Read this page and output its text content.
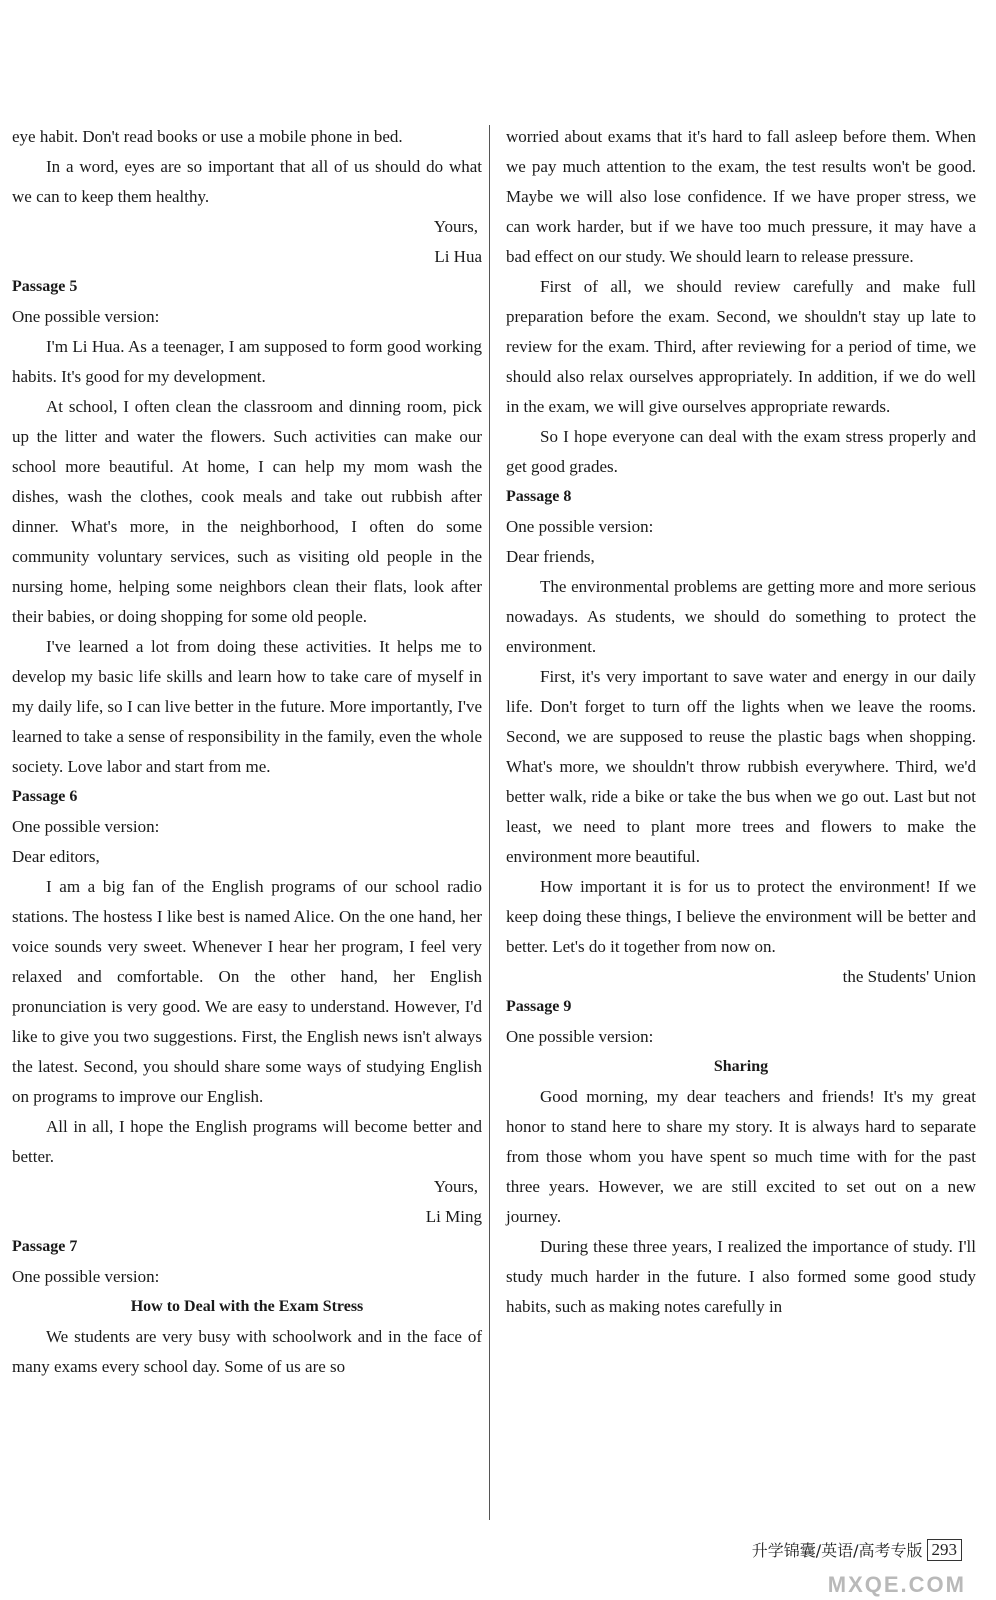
eye habit. Don't read books or use a mobile phone in bed.

In a word, eyes are so important that all of us should do what we can to keep them healthy.

Yours,

Li Hua

Passage 5

One possible version:

I'm Li Hua. As a teenager, I am supposed to form good working habits. It's good for my development.

At school, I often clean the classroom and dinning room, pick up the litter and water the flowers. Such activities can make our school more beautiful. At home, I can help my mom wash the dishes, wash the clothes, cook meals and take out rubbish after dinner. What's more, in the neighborhood, I often do some community voluntary services, such as visiting old people in the nursing home, helping some neighbors clean their flats, look after their babies, or doing shopping for some old people.

I've learned a lot from doing these activities. It helps me to develop my basic life skills and learn how to take care of myself in my daily life, so I can live better in the future. More importantly, I've learned to take a sense of responsibility in the family, even the whole society. Love labor and start from me.

Passage 6

One possible version:

Dear editors,

I am a big fan of the English programs of our school radio stations. The hostess I like best is named Alice. On the one hand, her voice sounds very sweet. Whenever I hear her program, I feel very relaxed and comfortable. On the other hand, her English pronunciation is very good. We are easy to understand. However, I'd like to give you two suggestions. First, the English news isn't always the latest. Second, you should share some ways of studying English on programs to improve our English.

All in all, I hope the English programs will become better and better.

Yours,

Li Ming

Passage 7

One possible version:

How to Deal with the Exam Stress

We students are very busy with schoolwork and in the face of many exams every school day. Some of us are so

worried about exams that it's hard to fall asleep before them. When we pay much attention to the exam, the test results won't be good. Maybe we will also lose confidence. If we have proper stress, we can work harder, but if we have too much pressure, it may have a bad effect on our study. We should learn to release pressure.

First of all, we should review carefully and make full preparation before the exam. Second, we shouldn't stay up late to review for the exam. Third, after reviewing for a period of time, we should also relax ourselves appropriately. In addition, if we do well in the exam, we will give ourselves appropriate rewards.

So I hope everyone can deal with the exam stress properly and get good grades.

Passage 8

One possible version:

Dear friends,

The environmental problems are getting more and more serious nowadays. As students, we should do something to protect the environment.

First, it's very important to save water and energy in our daily life. Don't forget to turn off the lights when we leave the rooms. Second, we are supposed to reuse the plastic bags when shopping. What's more, we shouldn't throw rubbish everywhere. Third, we'd better walk, ride a bike or take the bus when we go out. Last but not least, we need to plant more trees and flowers to make the environment more beautiful.

How important it is for us to protect the environment! If we keep doing these things, I believe the environment will be better and better. Let's do it together from now on.

the Students' Union

Passage 9

One possible version:

Sharing

Good morning, my dear teachers and friends! It's my great honor to stand here to share my story. It is always hard to separate from those whom you have spent so much time with for the past three years. However, we are still excited to set out on a new journey.

During these three years, I realized the importance of study. I'll study much harder in the future. I also formed some good study habits, such as making notes carefully in

升学锦囊/英语/高考专版 293
MXQE.COM
